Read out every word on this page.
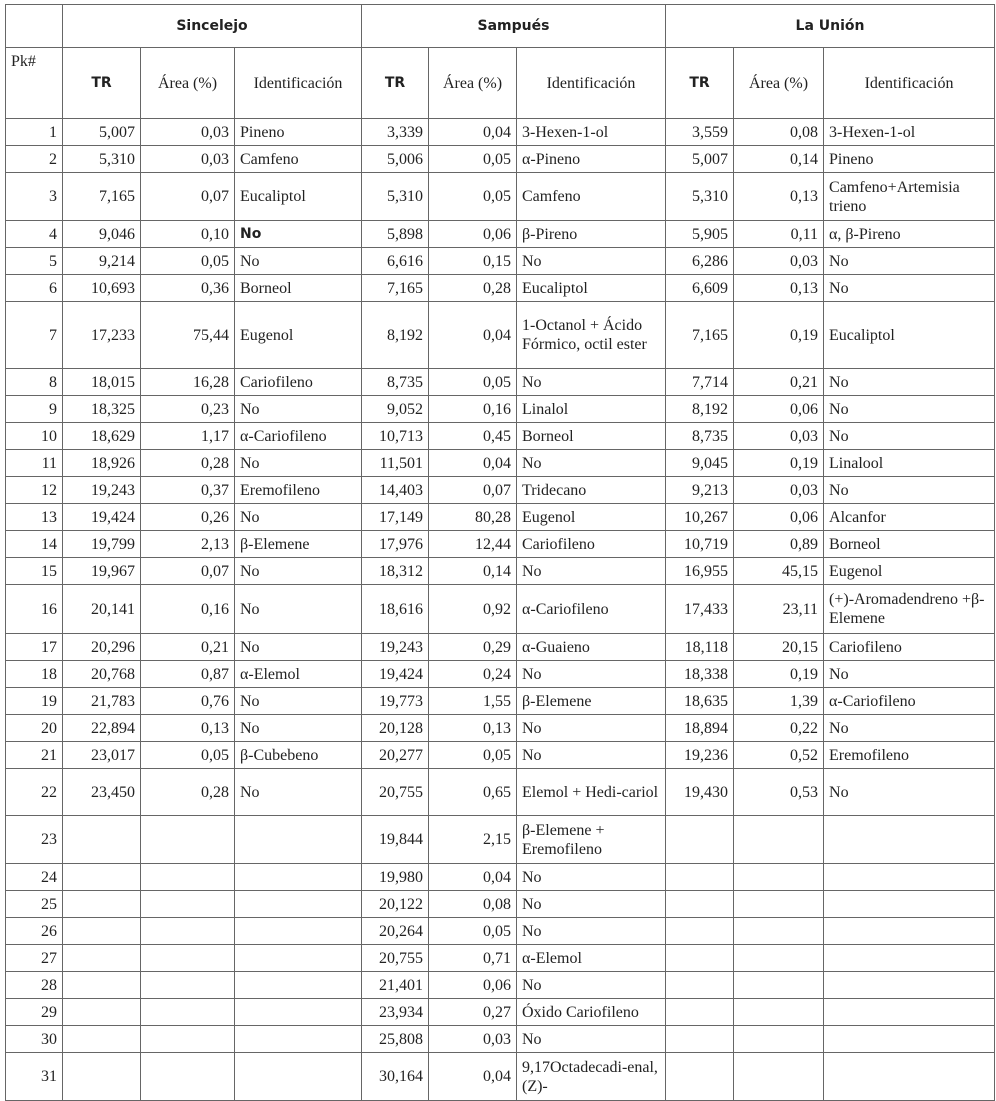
	Sincelejo			Sampués			La Unión		
Pk#	TR	Área (%)	Identificación	TR	Área (%)	Identificación	TR	Área (%)	Identificación
1	5,007	0,03	Pineno	3,339	0,04	3-Hexen-1-ol	3,559	0,08	3-Hexen-1-ol
2	5,310	0,03	Camfeno	5,006	0,05	α-Pineno	5,007	0,14	Pineno
3	7,165	0,07	Eucaliptol	5,310	0,05	Camfeno	5,310	0,13	Camfeno+Artemisia trieno
4	9,046	0,10	No	5,898	0,06	β-Pireno	5,905	0,11	α, β-Pireno
5	9,214	0,05	No	6,616	0,15	No	6,286	0,03	No
6	10,693	0,36	Borneol	7,165	0,28	Eucaliptol	6,609	0,13	No
7	17,233	75,44	Eugenol	8,192	0,04	1-Octanol + Ácido Fórmico, octil ester	7,165	0,19	Eucaliptol
8	18,015	16,28	Cariofileno	8,735	0,05	No	7,714	0,21	No
9	18,325	0,23	No	9,052	0,16	Linalol	8,192	0,06	No
10	18,629	1,17	α-Cariofileno	10,713	0,45	Borneol	8,735	0,03	No
11	18,926	0,28	No	11,501	0,04	No	9,045	0,19	Linalool
12	19,243	0,37	Eremofileno	14,403	0,07	Tridecano	9,213	0,03	No
13	19,424	0,26	No	17,149	80,28	Eugenol	10,267	0,06	Alcanfor
14	19,799	2,13	β-Elemene	17,976	12,44	Cariofileno	10,719	0,89	Borneol
15	19,967	0,07	No	18,312	0,14	No	16,955	45,15	Eugenol
16	20,141	0,16	No	18,616	0,92	α-Cariofileno	17,433	23,11	(+)-Aromadendreno +β-Elemene
17	20,296	0,21	No	19,243	0,29	α-Guaieno	18,118	20,15	Cariofileno
18	20,768	0,87	α-Elemol	19,424	0,24	No	18,338	0,19	No
19	21,783	0,76	No	19,773	1,55	β-Elemene	18,635	1,39	α-Cariofileno
20	22,894	0,13	No	20,128	0,13	No	18,894	0,22	No
21	23,017	0,05	β-Cubebeno	20,277	0,05	No	19,236	0,52	Eremofileno
22	23,450	0,28	No	20,755	0,65	Elemol + Hedi-cariol	19,430	0,53	No
23				19,844	2,15	β-Elemene + Eremofileno			
24				19,980	0,04	No			
25				20,122	0,08	No			
26				20,264	0,05	No			
27				20,755	0,71	α-Elemol			
28				21,401	0,06	No			
29				23,934	0,27	Óxido Cariofileno			
30				25,808	0,03	No			
31				30,164	0,04	9,17Octadecadi-enal, (Z)-			
